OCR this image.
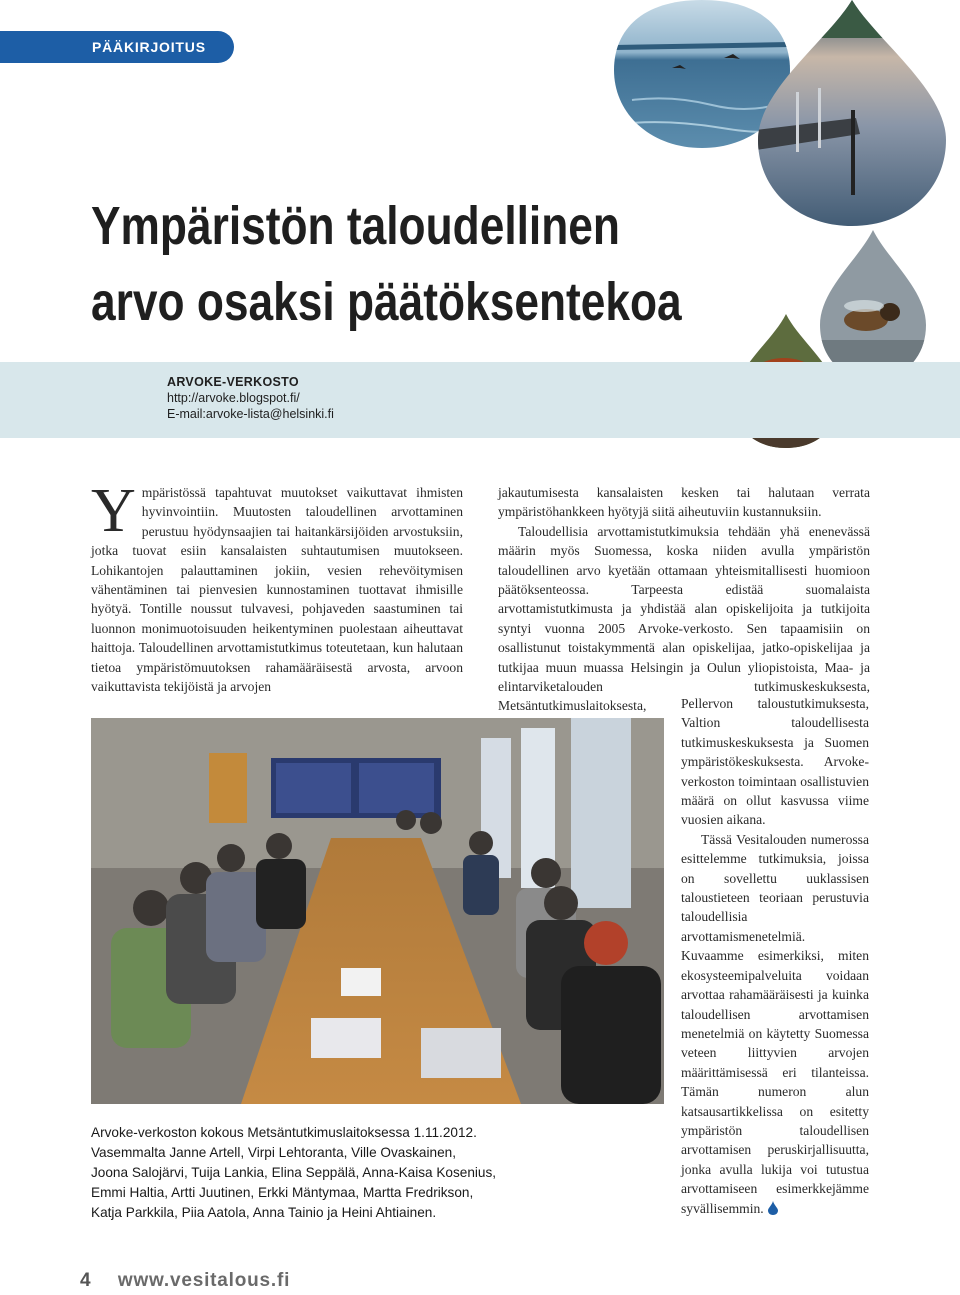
PÄÄKIRJOITUS
Ympäristön taloudellinen
arvo osaksi päätöksentekoa
ARVOKE-VERKOSTO
http://arvoke.blogspot.fi/
E-mail:arvoke-lista@helsinki.fi
Y mpäristössä tapahtuvat muutokset vaikuttavat ihmisten hyvinvointiin. Muutosten taloudellinen arvottaminen perustuu hyödynsaajien tai haitankärsijöiden arvostuksiin, jotka tuovat esiin kansalaisten suhtautumisen muutokseen. Lohikantojen palauttaminen jokiin, vesien rehevöitymisen vähentäminen tai pienvesien kunnostaminen tuottavat ihmisille hyötyä. Tontille noussut tulvavesi, pohjaveden saastuminen tai luonnon monimuotoisuuden heikentyminen puolestaan aiheuttavat haittoja. Taloudellinen arvottamistutkimus toteutetaan, kun halutaan tietoa ympäristömuutoksen rahamääräisestä arvosta, arvoon vaikuttavista tekijöistä ja arvojen

jakautumisesta kansalaisten kesken tai halutaan verrata ympäristöhankkeen hyötyjä siitä aiheutuviin kustannuksiin.

Taloudellisia arvottamistutkimuksia tehdään yhä enenevässä määrin myös Suomessa, koska niiden avulla ympäristön taloudellinen arvo kyetään ottamaan yhteismitallisesti huomioon päätöksenteossa. Tarpeesta edistää suomalaista arvottamistutkimusta ja yhdistää alan opiskelijoita ja tutkijoita syntyi vuonna 2005 Arvoke-verkosto. Sen tapaamisiin on osallistunut toistakymmentä alan opiskelijaa, jatko-opiskelijaa ja tutkijaa muun muassa Helsingin ja Oulun yliopistoista, Maa- ja elintarviketalouden tutkimuskeskuksesta, Metsäntutkimuslaitoksesta,	Pellervon taloustutkimuksesta, Valtion taloudellisesta tutkimuskeskuksesta ja Suomen ympäristökeskuksesta. Arvoke-verkoston toimintaan osallistuvien määrä on ollut kasvussa viime vuosien aikana.

Tässä Vesitalouden numerossa esittelemme tutkimuksia, joissa on sovellettu uuklassisen taloustieteen teoriaan perustuvia taloudellisia arvottamismenetelmiä. Kuvaamme esimerkiksi, miten ekosysteemipalveluita voidaan arvottaa rahamääräisesti ja kuinka taloudellisen arvottamisen menetelmiä on käytetty Suomessa veteen liittyvien arvojen määrittämisessä eri tilanteissa. Tämän numeron alun katsausartikkelissa on esitetty ympäristön taloudellisen arvottamisen peruskirjallisuutta, jonka avulla lukija voi tutustua arvottamiseen esimerkkejämme syvällisemmin.

Arvoke-verkoston kokous Metsäntutkimuslaitoksessa 1.11.2012.
Vasemmalta Janne Artell, Virpi Lehtoranta, Ville Ovaskainen,
Joona Salojärvi, Tuija Lankia, Elina Seppälä, Anna-Kaisa Kosenius,
Emmi Haltia, Artti Juutinen, Erkki Mäntymaa, Martta Fredrikson,
Katja Parkkila, Piia Aatola, Anna Tainio ja Heini Ahtiainen.
4 www.vesitalous.fi
